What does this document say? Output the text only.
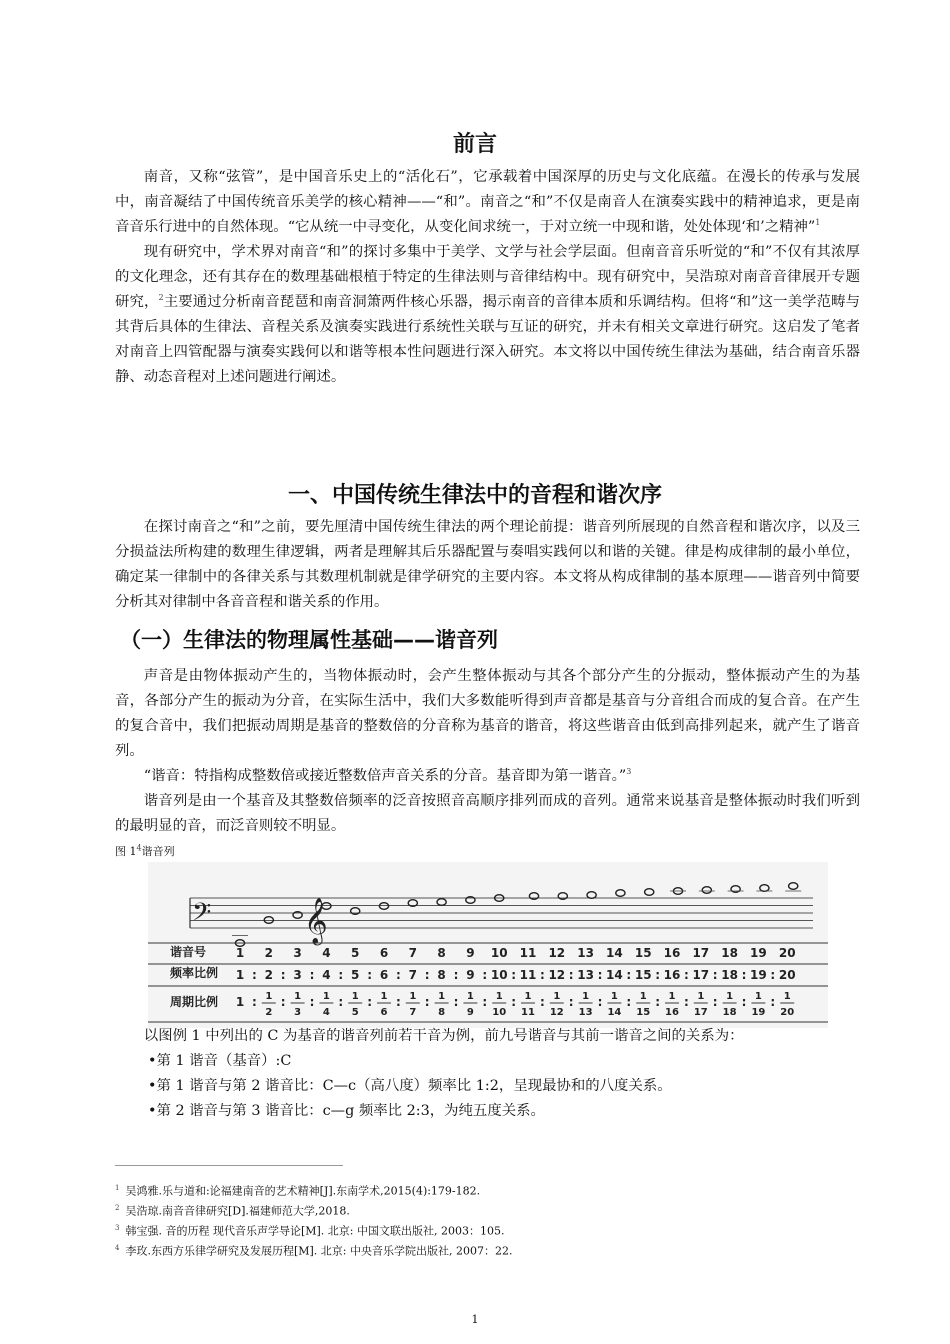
前言

南音，又称“弦管”，是中国音乐史上的“活化石”，它承载着中国深厚的历史与文化底蕴。在漫长的传承与发展中，南音凝结了中国传统音乐美学的核心精神——“和”。南音之“和”不仅是南音人在演奏实践中的精神追求，更是南音音乐行进中的自然体现。“它从统一中寻变化，从变化间求统一，于对立统一中现和谐，处处体现‘和’之精神”$^1$

现有研究中，学术界对南音“和”的探讨多集中于美学、文学与社会学层面。但南音音乐听觉的“和”不仅有其浓厚的文化理念，还有其存在的数理基础根植于特定的生律法则与音律结构中。现有研究中，吴浩琼对南音音律展开专题研究，$^2$主要通过分析南音琵琶和南音洞箫两件核心乐器，揭示南音的音律本质和乐调结构。但将“和”这一美学范畴与其背后具体的生律法、音程关系及演奏实践进行系统性关联与互证的研究，并未有相关文章进行研究。这启发了笔者对南音上四管配器与演奏实践何以和谐等根本性问题进行深入研究。本文将以中国传统生律法为基础，结合南音乐器静、动态音程对上述问题进行阐述。

一、中国传统生律法中的音程和谐次序

在探讨南音之“和”之前，要先厘清中国传统生律法的两个理论前提：谐音列所展现的自然音程和谐次序，以及三分损益法所构建的数理生律逻辑，两者是理解其后乐器配置与奏唱实践何以和谐的关键。律是构成律制的最小单位，确定某一律制中的各律关系与其数理机制就是律学研究的主要内容。本文将从构成律制的基本原理——谐音列中简要分析其对律制中各音音程和谐关系的作用。

（一）生律法的物理属性基础——谐音列

声音是由物体振动产生的，当物体振动时，会产生整体振动与其各个部分产生的分振动，整体振动产生的为基音，各部分产生的振动为分音，在实际生活中，我们大多数能听得到声音都是基音与分音组合而成的复合音。在产生的复合音中，我们把振动周期是基音的整数倍的分音称为基音的谐音，将这些谐音由低到高排列起来，就产生了谐音列。

“谐音：特指构成整数倍或接近整数倍声音关系的分音。基音即为第一谐音。”$^3$

谐音列是由一个基音及其整数倍频率的泛音按照音高顺序排列而成的音列。通常来说基音是整体振动时我们听到的最明显的音，而泛音则较不明显。

图 $1^4$谐音列
𝄢 𝄞
谐音号
频率比例
周期比例
1
1
1
:
:
2
2
1
2
:
:
3
3
1
3
:
:
4
4
1
4
:
:
5
5
1
5
:
:
6
6
1
6
:
:
7
7
1
7
:
:
8
8
1
8
:
:
9
9
1
9
:
:
10
10
1
10
:
:
11
11
1
11
:
:
12
12
1
12
:
:
13
13
1
13
:
:
14
14
1
14
:
:
15
15
1
15
:
:
16
16
1
16
:
:
17
17
1
17
:
:
18
18
1
18
:
:
19
19
1
19
:
:
20
20
1
20

以图例 1 中列出的 C 为基音的谐音列前若干音为例，前九号谐音与其前一谐音之间的关系为：

•第 1 谐音（基音）:C
•第 1 谐音与第 2 谐音比：C—c（高八度）频率比 1:2，呈现最协和的八度关系。
•第 2 谐音与第 3 谐音比：c—g 频率比 2:3，为纯五度关系。
$^1$ 吴鸿雅.乐与道和:论福建南音的艺术精神[J].东南学术,2015(4):179-182.
$^2$ 吴浩琼.南音音律研究[D].福建师范大学,2018.
$^3$ 韩宝强. 音的历程 现代音乐声学导论[M]. 北京: 中国文联出版社, 2003：105.
$^4$ 李玫.东西方乐律学研究及发展历程[M]. 北京: 中央音乐学院出版社, 2007：22.
1
